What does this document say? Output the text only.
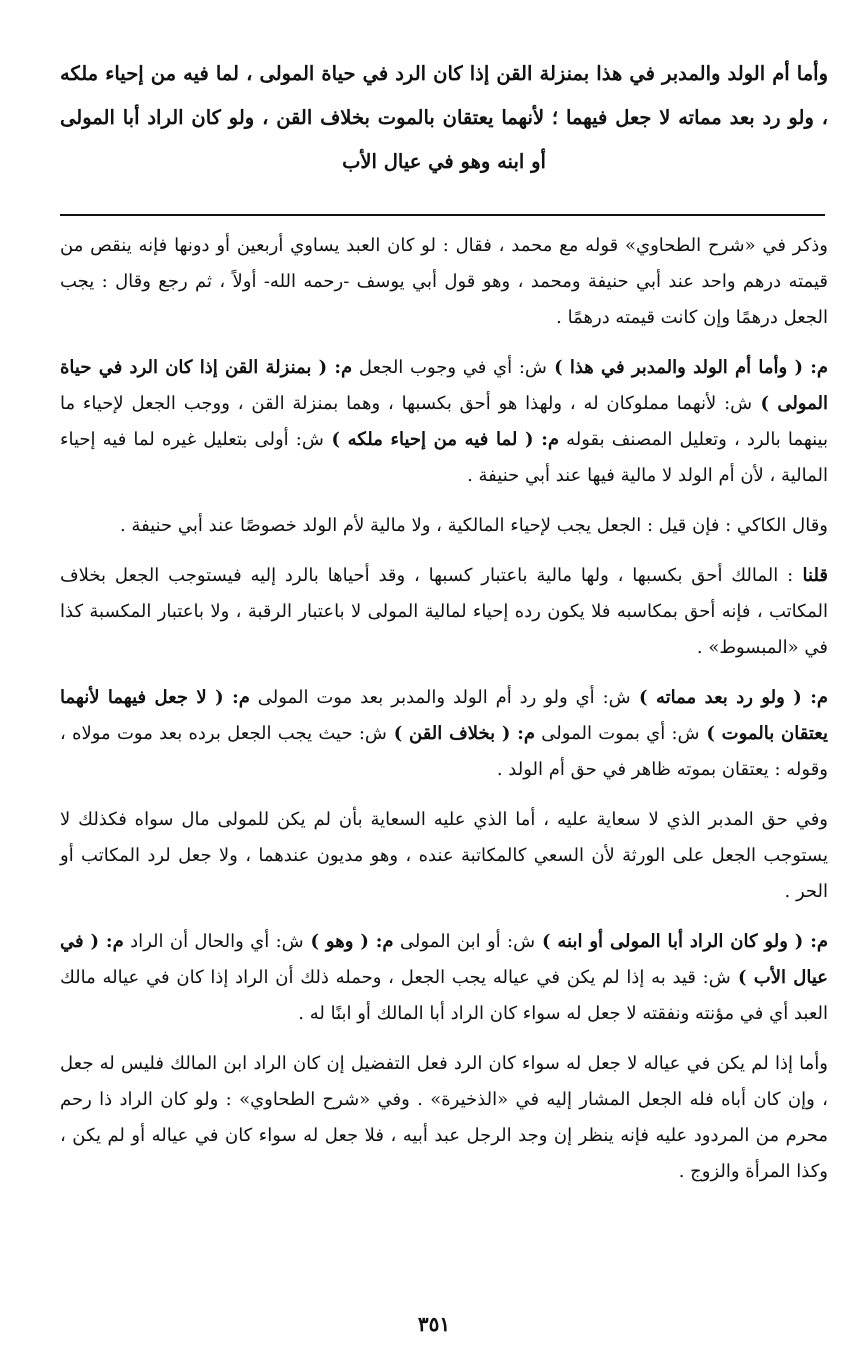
وأما أم الولد والمدبر في هذا بمنزلة القن إذا كان الرد في حياة المولى ، لما فيه من إحياء ملكه ، ولو رد بعد مماته لا جعل فيهما ؛ لأنهما يعتقان بالموت بخلاف القن ، ولو كان الراد أبا المولى أو ابنه وهو في عيال الأب

وذكر في «شرح الطحاوي» قوله مع محمد ، فقال : لو كان العبد يساوي أربعين أو دونها فإنه ينقص من قيمته درهم واحد عند أبي حنيفة ومحمد ، وهو قول أبي يوسف -رحمه الله- أولاً ، ثم رجع وقال : يجب الجعل درهمًا وإن كانت قيمته درهمًا .

م: ( وأما أم الولد والمدبر في هذا ) ش: أي في وجوب الجعل م: ( بمنزلة القن إذا كان الرد في حياة المولى ) ش: لأنهما مملوكان له ، ولهذا هو أحق بكسبها ، وهما بمنزلة القن ، ووجب الجعل لإحياء ما بينهما بالرد ، وتعليل المصنف بقوله م: ( لما فيه من إحياء ملكه ) ش: أولى بتعليل غيره لما فيه إحياء المالية ، لأن أم الولد لا مالية فيها عند أبي حنيفة .

وقال الكاكي : فإن قيل : الجعل يجب لإحياء المالكية ، ولا مالية لأم الولد خصوصًا عند أبي حنيفة .

قلنا : المالك أحق بكسبها ، ولها مالية باعتبار كسبها ، وقد أحياها بالرد إليه فيستوجب الجعل بخلاف المكاتب ، فإنه أحق بمكاسبه فلا يكون رده إحياء لمالية المولى لا باعتبار الرقبة ، ولا باعتبار المكسبة كذا في «المبسوط» .

م: ( ولو رد بعد مماته ) ش: أي ولو رد أم الولد والمدبر بعد موت المولى م: ( لا جعل فيهما لأنهما يعتقان بالموت ) ش: أي بموت المولى م: ( بخلاف القن ) ش: حيث يجب الجعل برده بعد موت مولاه ، وقوله : يعتقان بموته ظاهر في حق أم الولد .

وفي حق المدبر الذي لا سعاية عليه ، أما الذي عليه السعاية بأن لم يكن للمولى مال سواه فكذلك لا يستوجب الجعل على الورثة لأن السعي كالمكاتبة عنده ، وهو مديون عندهما ، ولا جعل لرد المكاتب أو الحر .

م: ( ولو كان الراد أبا المولى أو ابنه ) ش: أو ابن المولى م: ( وهو ) ش: أي والحال أن الراد م: ( في عيال الأب ) ش: قيد به إذا لم يكن في عياله يجب الجعل ، وحمله ذلك أن الراد إذا كان في عياله مالك العبد أي في مؤنته ونفقته لا جعل له سواء كان الراد أبا المالك أو ابنًا له .

وأما إذا لم يكن في عياله لا جعل له سواء كان الرد فعل التفضيل إن كان الراد ابن المالك فليس له جعل ، وإن كان أباه فله الجعل المشار إليه في «الذخيرة» . وفي «شرح الطحاوي» : ولو كان الراد ذا رحم محرم من المردود عليه فإنه ينظر إن وجد الرجل عبد أبيه ، فلا جعل له سواء كان في عياله أو لم يكن ، وكذا المرأة والزوج .

٣٥١
